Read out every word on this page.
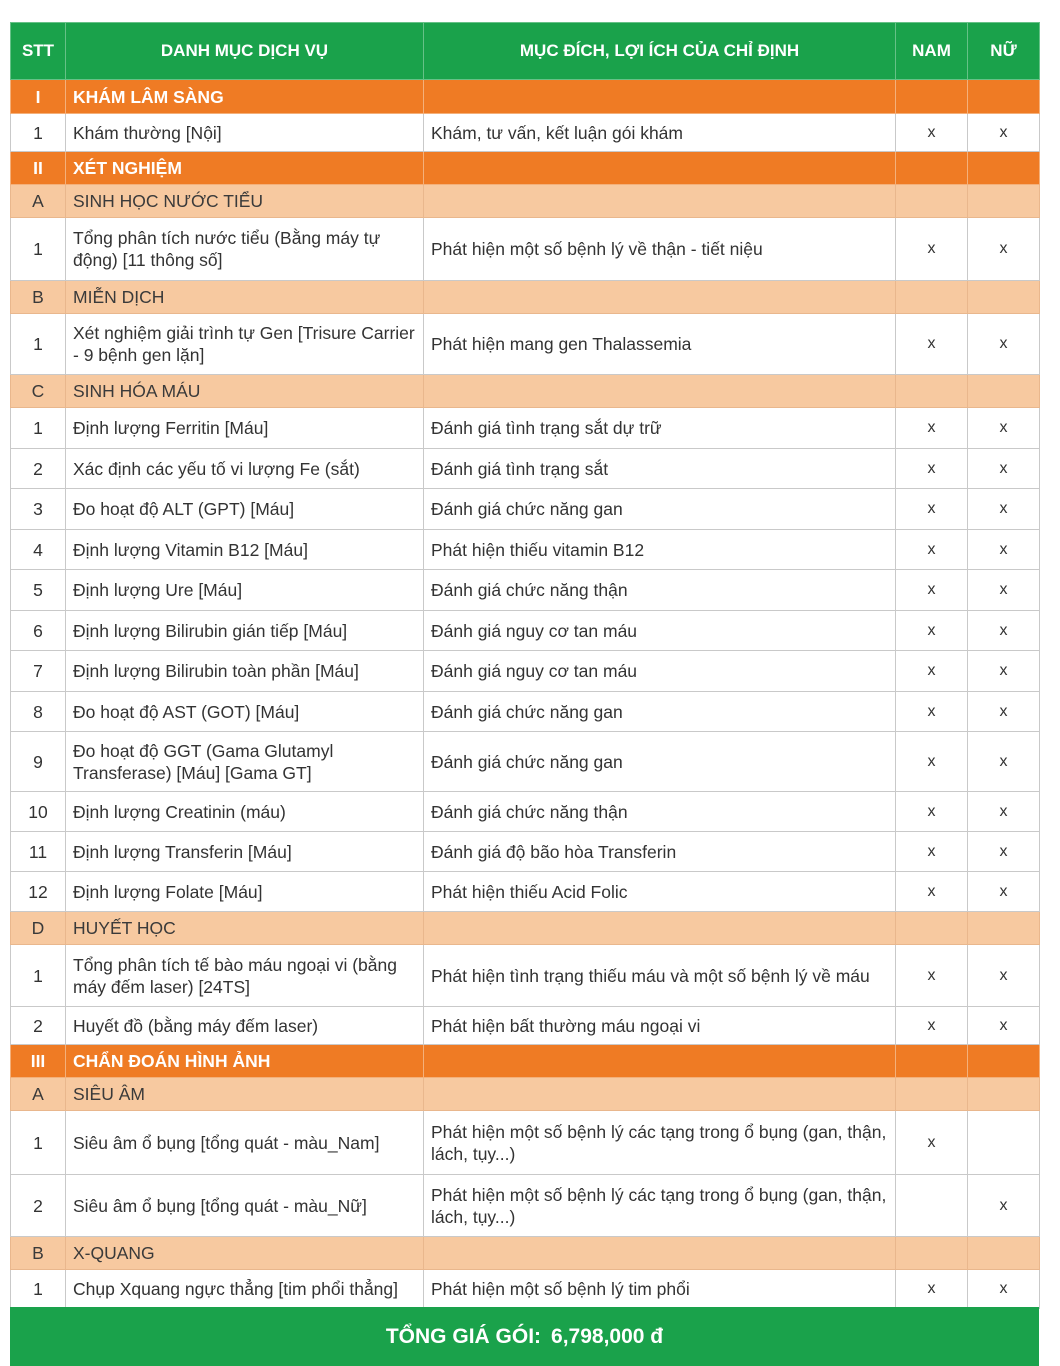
STT	DANH MỤC DỊCH VỤ	MỤC ĐÍCH, LỢI ÍCH CỦA CHỈ ĐỊNH	NAM	NỮ
I	KHÁM LÂM SÀNG			
1	Khám thường [Nội]	Khám, tư vấn, kết luận gói khám	x	x
II	XÉT NGHIỆM			
A	SINH HỌC NƯỚC TIỂU			
1	Tổng phân tích nước tiểu (Bằng máy tự động) [11 thông số]	Phát hiện một số bệnh lý về thận - tiết niệu	x	x
B	MIỄN DỊCH			
1	Xét nghiệm giải trình tự Gen [Trisure Carrier - 9 bệnh gen lặn]	Phát hiện mang gen Thalassemia	x	x
C	SINH HÓA MÁU			
1	Định lượng Ferritin [Máu]	Đánh giá tình trạng sắt dự trữ	x	x
2	Xác định các yếu tố vi lượng Fe (sắt)	Đánh giá tình trạng sắt	x	x
3	Đo hoạt độ ALT (GPT) [Máu]	Đánh giá chức năng gan	x	x
4	Định lượng Vitamin B12 [Máu]	Phát hiện thiếu vitamin B12	x	x
5	Định lượng Ure [Máu]	Đánh giá chức năng thận	x	x
6	Định lượng Bilirubin gián tiếp [Máu]	Đánh giá nguy cơ tan máu	x	x
7	Định lượng Bilirubin toàn phần [Máu]	Đánh giá nguy cơ tan máu	x	x
8	Đo hoạt độ AST (GOT) [Máu]	Đánh giá chức năng gan	x	x
9	Đo hoạt độ GGT (Gama Glutamyl Transferase) [Máu] [Gama GT]	Đánh giá chức năng gan	x	x
10	Định lượng Creatinin (máu)	Đánh giá chức năng thận	x	x
11	Định lượng Transferin [Máu]	Đánh giá độ bão hòa Transferin	x	x
12	Định lượng Folate [Máu]	Phát hiện thiếu Acid Folic	x	x
D	HUYẾT HỌC			
1	Tổng phân tích tế bào máu ngoại vi (bằng máy đếm laser) [24TS]	Phát hiện tình trạng thiếu máu và một số bệnh lý về máu	x	x
2	Huyết đồ (bằng máy đếm laser)	Phát hiện bất thường máu ngoại vi	x	x
III	CHẨN ĐOÁN HÌNH ẢNH			
A	SIÊU ÂM			
1	Siêu âm ổ bụng [tổng quát - màu_Nam]	Phát hiện một số bệnh lý các tạng trong ổ bụng (gan, thận, lách, tụy...)	x	
2	Siêu âm ổ bụng [tổng quát - màu_Nữ]	Phát hiện một số bệnh lý các tạng trong ổ bụng (gan, thận, lách, tụy...)		x
B	X-QUANG			
1	Chụp Xquang ngực thẳng [tim phổi thẳng]	Phát hiện một số bệnh lý tim phổi	x	x
TỔNG GIÁ GÓI: 6,798,000 đ
